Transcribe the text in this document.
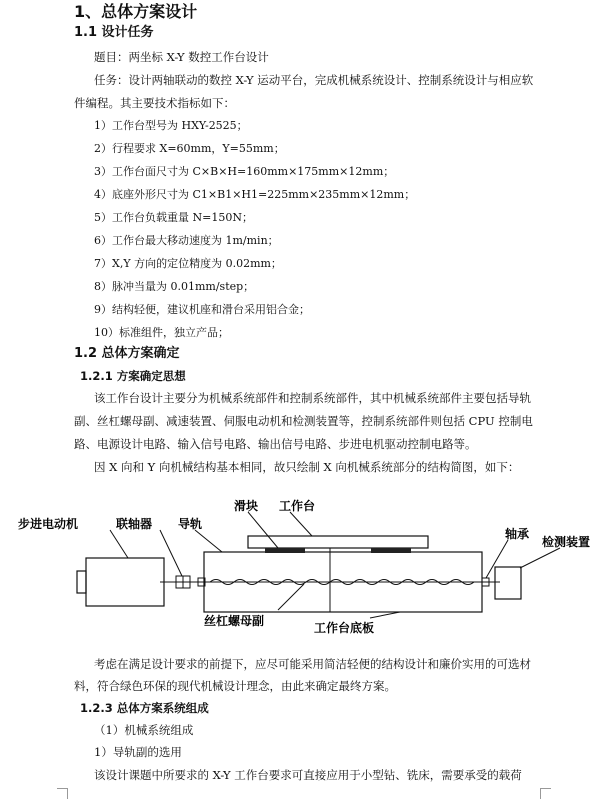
1、总体方案设计
1.1 设计任务
题目：两坐标 X-Y 数控工作台设计
任务：设计两轴联动的数控 X-Y 运动平台，完成机械系统设计、控制系统设计与相应软
件编程。其主要技术指标如下：
1）工作台型号为 HXY-2525；
2）行程要求 X=60mm，Y=55mm；
3）工作台面尺寸为 C×B×H=160mm×175mm×12mm；
4）底座外形尺寸为 C1×B1×H1=225mm×235mm×12mm；
5）工作台负载重量 N=150N；
6）工作台最大移动速度为 1m/min；
7）X,Y 方向的定位精度为 0.02mm；
8）脉冲当量为 0.01mm/step；
9）结构轻便，建议机座和滑台采用铝合金；
10）标准组件，独立产品；
1.2 总体方案确定
1.2.1 方案确定思想
该工作台设计主要分为机械系统部件和控制系统部件，其中机械系统部件主要包括导轨
副、丝杠螺母副、减速装置、伺服电动机和检测装置等，控制系统部件则包括 CPU 控制电
路、电源设计电路、输入信号电路、输出信号电路、步进电机驱动控制电路等。
因 X 向和 Y 向机械结构基本相同，故只绘制 X 向机械系统部分的结构简图，如下：
步进电动机	联轴器 导轨
滑块 工作台
轴承
检测装置
丝杠螺母副	工作台底板
考虑在满足设计要求的前提下，应尽可能采用简洁轻便的结构设计和廉价实用的可选材
料，符合绿色环保的现代机械设计理念，由此来确定最终方案。
1.2.3 总体方案系统组成
（1）机械系统组成
1）导轨副的选用
该设计课题中所要求的 X-Y 工作台要求可直接应用于小型钻、铣床，需要承受的载荷
